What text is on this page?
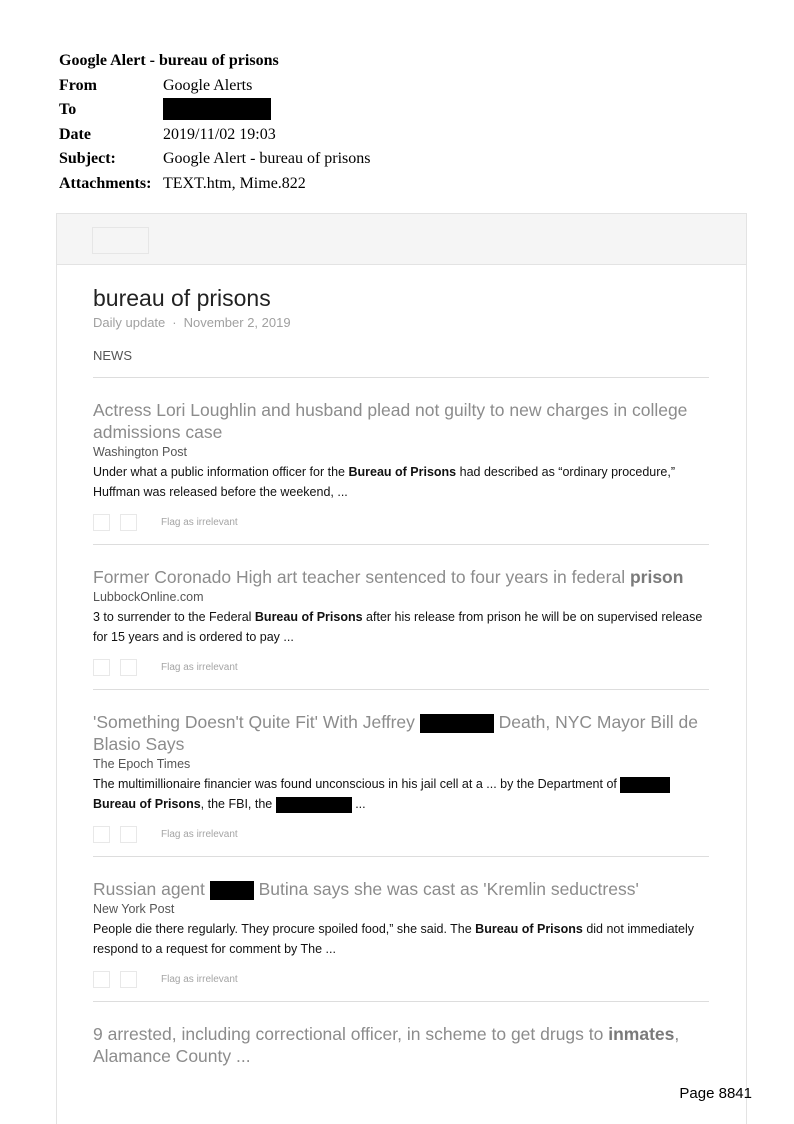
Google Alert - bureau of prisons
From	Google Alerts
To
Date	2019/11/02 19:03
Subject:	Google Alert - bureau of prisons
Attachments: TEXT.htm, Mime.822
bureau of prisons
Daily update · November 2, 2019
NEWS
Actress Lori Loughlin and husband plead not guilty to new charges in college admissions case
Washington Post
Under what a public information officer for the Bureau of Prisons had described as “ordinary procedure,” Huffman was released before the weekend, ...
Flag as irrelevant
Former Coronado High art teacher sentenced to four years in federal prison
LubbockOnline.com
3 to surrender to the Federal Bureau of Prisons after his release from prison he will be on supervised release for 15 years and is ordered to pay ...
Flag as irrelevant
'Something Doesn't Quite Fit' With Jeffrey	Death, NYC Mayor Bill de Blasio Says
The Epoch Times
The multimillionaire financier was found unconscious in his jail cell at a ... by the Department of
Bureau of Prisons, the FBI, the	...
Flag as irrelevant
Russian agent	Butina says she was cast as 'Kremlin seductress'
New York Post
People die there regularly. They procure spoiled food,” she said. The Bureau of Prisons did not immediately respond to a request for comment by The ...
Flag as irrelevant
9 arrested, including correctional officer, in scheme to get drugs to inmates, Alamance County ...
Page 8841
